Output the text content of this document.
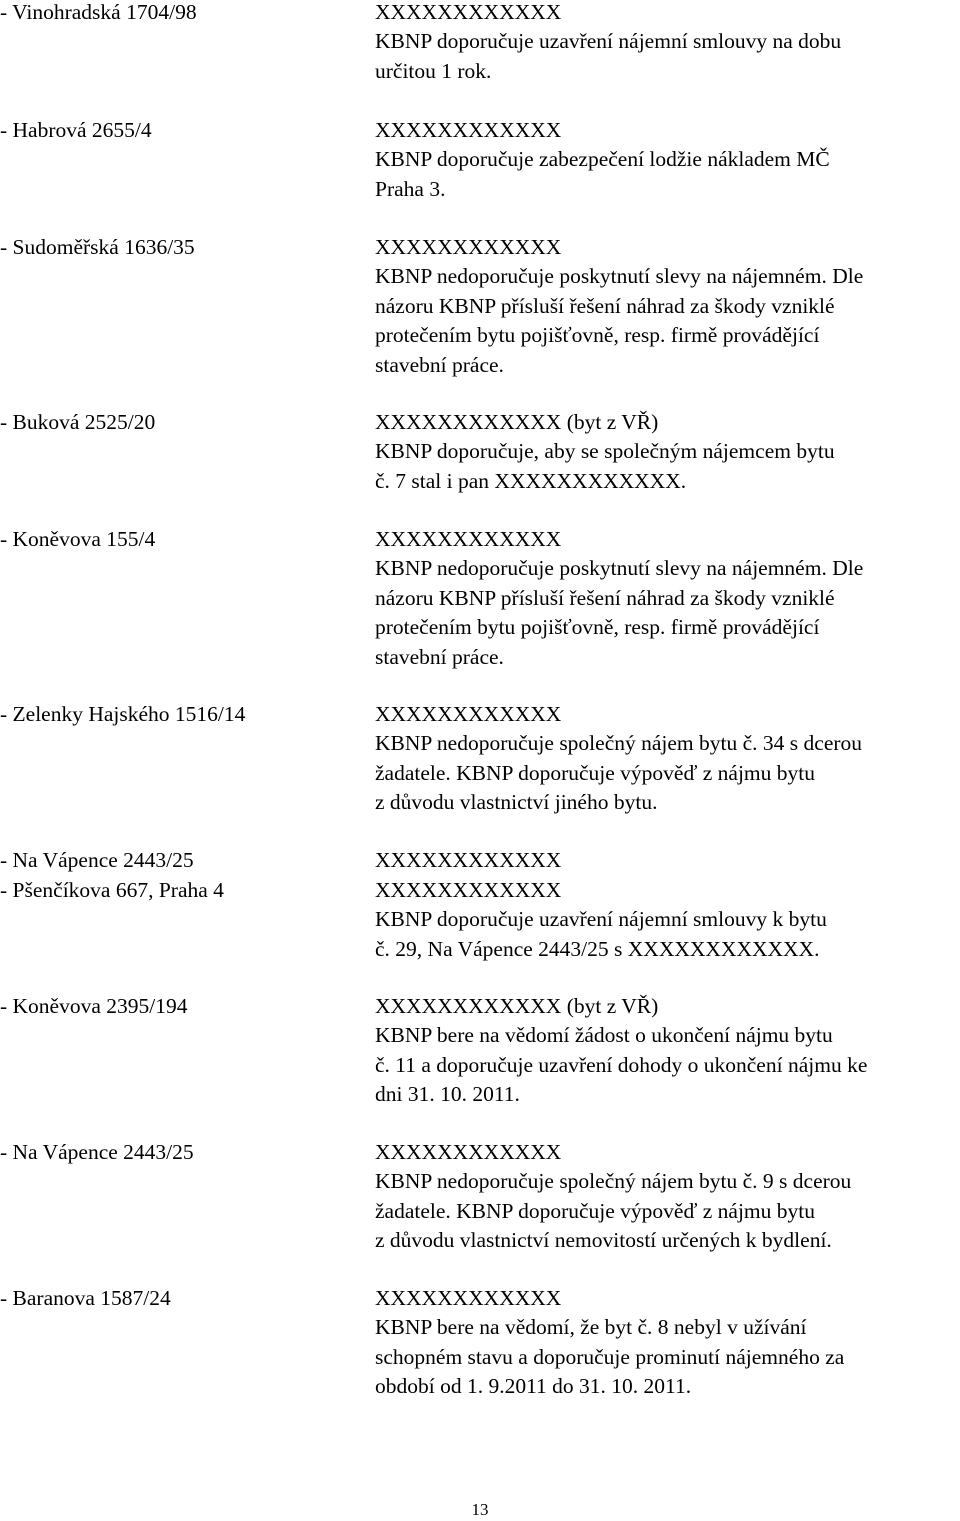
- Vinohradská 1704/98	XXXXXXXXXXXX
KBNP doporučuje uzavření nájemní smlouvy na dobu
určitou 1 rok.
- Habrová 2655/4	XXXXXXXXXXXX
KBNP doporučuje zabezpečení lodžie nákladem MČ
Praha 3.
- Sudoměřská 1636/35	XXXXXXXXXXXX
KBNP nedoporučuje poskytnutí slevy na nájemném. Dle
názoru KBNP přísluší řešení náhrad za škody vzniklé
protečením bytu pojišťovně, resp. firmě provádějící
stavební práce.
- Buková 2525/20	XXXXXXXXXXXX (byt z VŘ)
KBNP doporučuje, aby se společným nájemcem bytu
č. 7 stal i pan XXXXXXXXXXXX.
- Koněvova 155/4	XXXXXXXXXXXX
KBNP nedoporučuje poskytnutí slevy na nájemném. Dle
názoru KBNP přísluší řešení náhrad za škody vzniklé
protečením bytu pojišťovně, resp. firmě provádějící
stavební práce.
- Zelenky Hajského 1516/14	XXXXXXXXXXXX
KBNP nedoporučuje společný nájem bytu č. 34 s dcerou
žadatele. KBNP doporučuje výpověď z nájmu bytu
z důvodu vlastnictví jiného bytu.
- Na Vápence 2443/25	XXXXXXXXXXXX
- Pšenčíkova 667, Praha 4	XXXXXXXXXXXX
KBNP doporučuje uzavření nájemní smlouvy k bytu
č. 29, Na Vápence 2443/25 s XXXXXXXXXXXX.
- Koněvova 2395/194	XXXXXXXXXXXX (byt z VŘ)
KBNP bere na vědomí žádost o ukončení nájmu bytu
č. 11 a doporučuje uzavření dohody o ukončení nájmu ke
dni 31. 10. 2011.
- Na Vápence 2443/25	XXXXXXXXXXXX
KBNP nedoporučuje společný nájem bytu č. 9 s dcerou
žadatele. KBNP doporučuje výpověď z nájmu bytu
z důvodu vlastnictví nemovitostí určených k bydlení.
- Baranova 1587/24	XXXXXXXXXXXX
KBNP bere na vědomí, že byt č. 8 nebyl v užívání
schopném stavu a doporučuje prominutí nájemného za
období od 1. 9.2011 do 31. 10. 2011.
13
